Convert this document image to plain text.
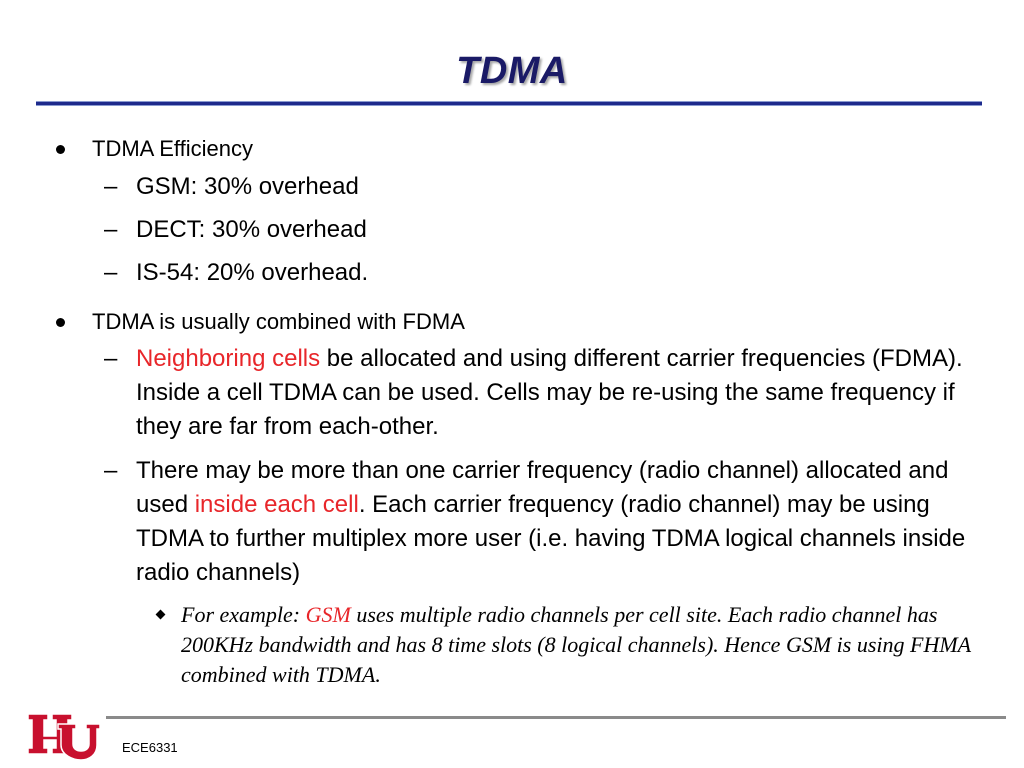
TDMA
TDMA Efficiency
– GSM: 30% overhead
– DECT: 30% overhead
– IS-54: 20% overhead.
TDMA is usually combined with FDMA
– Neighboring cells be allocated and using different carrier frequencies (FDMA). Inside a cell TDMA can be used. Cells may be re-using the same frequency if they are far from each-other.
– There may be more than one carrier frequency (radio channel) allocated and used inside each cell. Each carrier frequency (radio channel) may be using TDMA to further multiplex more user (i.e. having TDMA logical channels inside radio channels)
For example: GSM uses multiple radio channels per cell site. Each radio channel has 200KHz bandwidth and has 8 time slots (8 logical channels). Hence GSM is using FHMA combined with TDMA.
ECE6331
